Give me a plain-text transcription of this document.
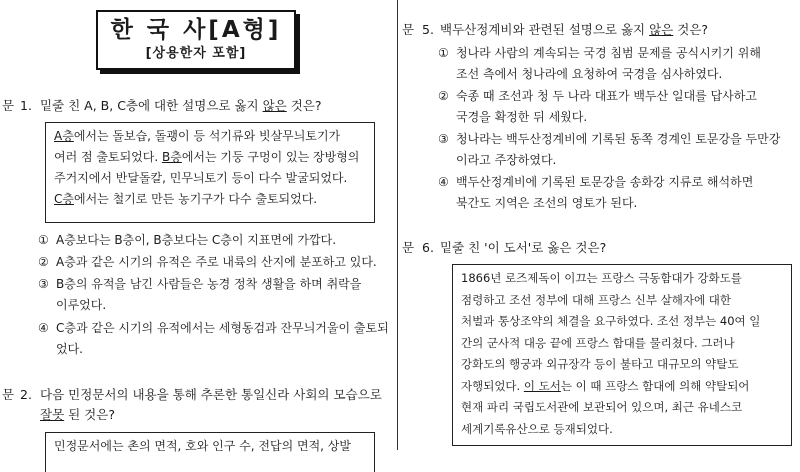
한 국 사[A형]
[상용한자 포함]
문 1. 밑줄 친 A, B, C층에 대한 설명으로 옳지 않은 것은?
A층에서는 돌보습, 돌괭이 등 석기류와 빗살무늬토기가
여러 점 출토되었다. B층에서는 기둥 구멍이 있는 장방형의
주거지에서 반달돌칼, 민무늬토기 등이 다수 발굴되었다.
C층에서는 철기로 만든 농기구가 다수 출토되었다.
① A층보다는 B층이, B층보다는 C층이 지표면에 가깝다.
② A층과 같은 시기의 유적은 주로 내륙의 산지에 분포하고 있다.
③ B층의 유적을 남긴 사람들은 농경 정착 생활을 하며 취락을
이루었다.
④ C층과 같은 시기의 유적에서는 세형동검과 잔무늬거울이 출토되
었다.
문 2. 다음 민정문서의 내용을 통해 추론한 통일신라 사회의 모습으로
잘못 된 것은?
민정문서에는 촌의 면적, 호와 인구 수, 전답의 면적, 상발
문 5. 백두산정계비와 관련된 설명으로 옳지 않은 것은?
① 청나라 사람의 계속되는 국경 침범 문제를 공식시키기 위해
조선 측에서 청나라에 요청하여 국경을 심사하였다.
② 숙종 때 조선과 청 두 나라 대표가 백두산 일대를 답사하고
국경을 확정한 뒤 세웠다.
③ 청나라는 백두산정계비에 기록된 동쪽 경계인 토문강을 두만강
이라고 주장하였다.
④ 백두산정계비에 기록된 토문강을 송화강 지류로 해석하면
북간도 지역은 조선의 영토가 된다.
문 6. 밑줄 친 '이 도서'로 옳은 것은?
1866년 로즈제독이 이끄는 프랑스 극동함대가 강화도를
점령하고 조선 정부에 대해 프랑스 신부 살해자에 대한
처벌과 통상조약의 체결을 요구하였다. 조선 정부는 40여 일
간의 군사적 대응 끝에 프랑스 함대를 물리쳤다. 그러나
강화도의 행궁과 외규장각 등이 불타고 대규모의 약탈도
자행되었다. 이 도서는 이 때 프랑스 함대에 의해 약탈되어
현재 파리 국립도서관에 보관되어 있으며, 최근 유네스코
세계기록유산으로 등재되었다.
